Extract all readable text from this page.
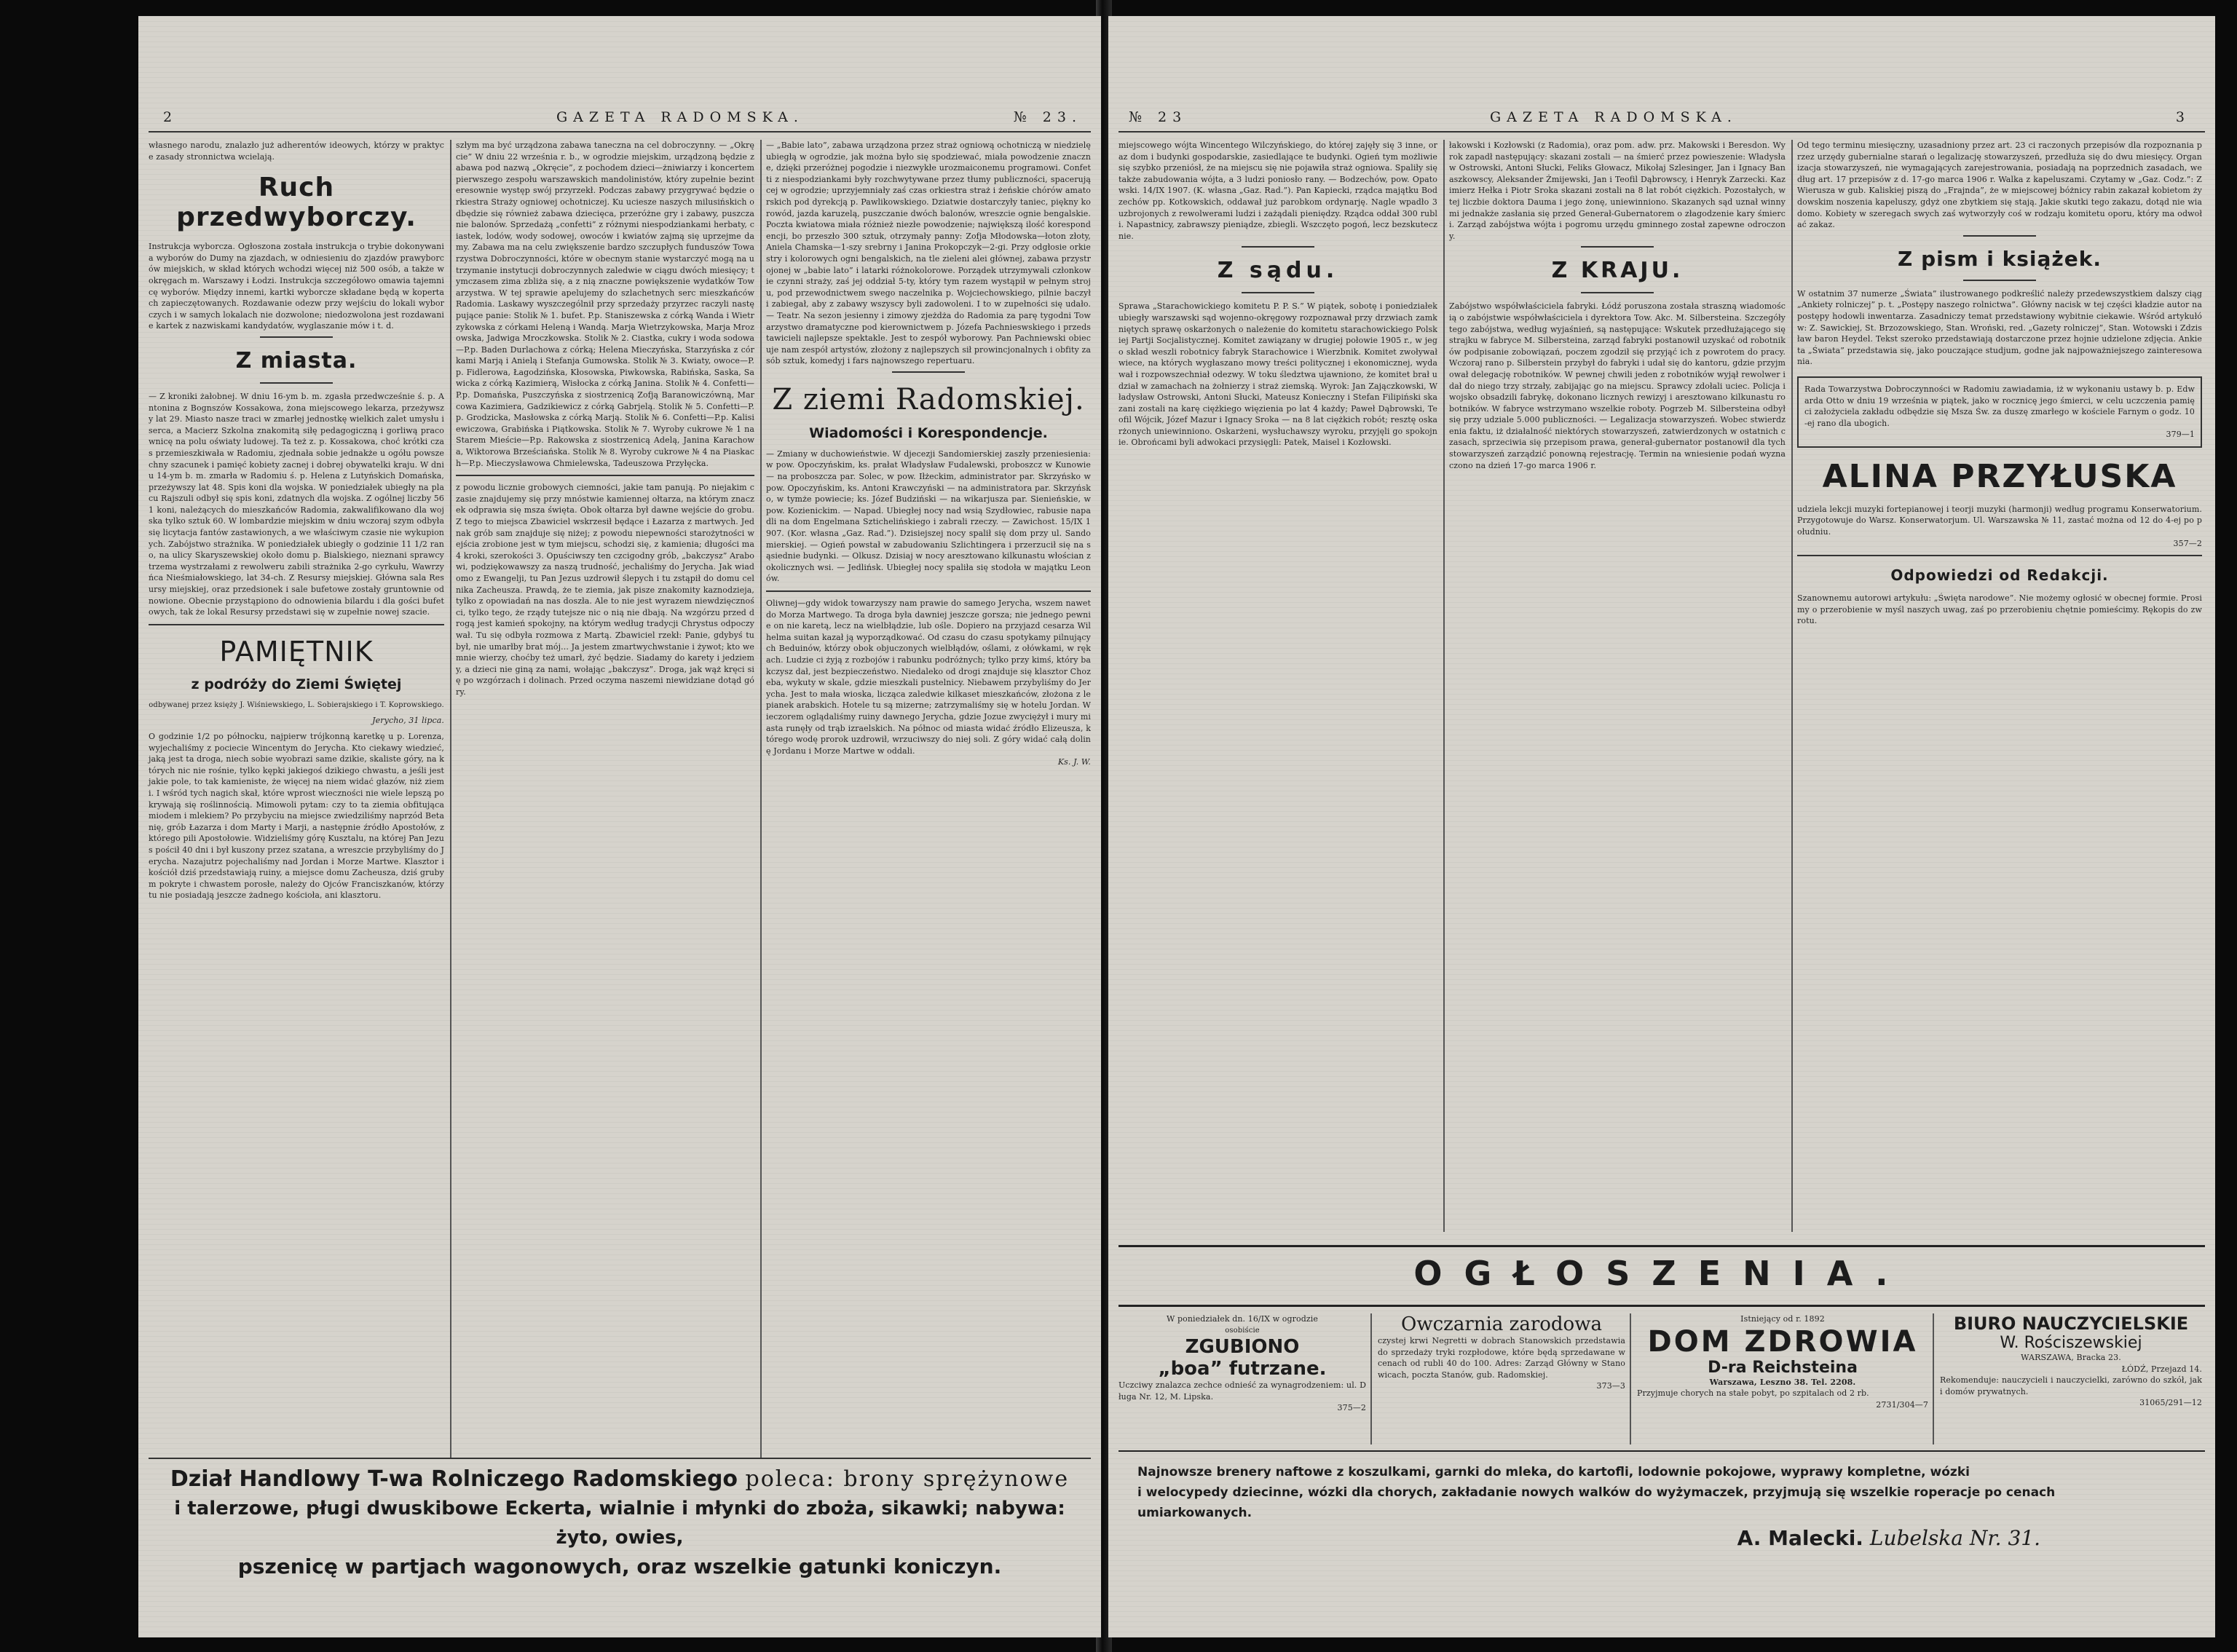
2	GAZETA RADOMSKA.	№ 23.

własnego narodu, znalazło już adherentów ideowych, którzy w praktyce zasady stronnictwa wcielają.

Ruch przedwyborczy.

Instrukcja wyborcza. Ogłoszona została instrukcja o trybie dokonywania wyborów do Dumy na zjazdach, w odniesieniu do zjazdów prawyborców miejskich, w skład których wchodzi więcej niż 500 osób, a także w okręgach m. Warszawy i Łodzi. Instrukcja szczegółowo omawia tajemnicę wyborów. Między innemi, kartki wyborcze składane będą w kopertach zapieczętowanych. Rozdawanie odezw przy wejściu do lokali wyborczych i w samych lokalach nie dozwolone; niedozwolona jest rozdawanie kartek z nazwiskami kandydatów, wyglaszanie mów i t. d.

Z miasta.

— Z kroniki żałobnej. W dniu 16-ym b. m. zgasła przedwcześnie ś. p. Antonina z Bognszów Kossakowa, żona miejscowego lekarza, przeżywszy lat 29. Miasto nasze traci w zmarłej jednostkę wielkich zalet umysłu i serca, a Macierz Szkolna znakomitą siłę pedagogiczną i gorliwą pracownicę na polu oświaty ludowej. Ta też z. p. Kossakowa, choć krótki czas przemieszkiwała w Radomiu, zjednała sobie jednakże u ogółu powszechny szacunek i pamięć kobiety zacnej i dobrej obywatelki kraju. W dniu 14-ym b. m. zmarła w Radomiu ś. p. Helena z Lutyńskich Domańska, przeżywszy lat 48. Spis koni dla wojska. W poniedziałek ubiegły na placu Rajszuli odbył się spis koni, zdatnych dla wojska. Z ogólnej liczby 561 koni, należących do mieszkańców Radomia, zakwalifikowano dla wojska tylko sztuk 60. W lombardzie miejskim w dniu wczoraj szym odbyła się licytacja fantów zastawionych, a we właściwym czasie nie wykupionych. Zabójstwo strażnika. W poniedziałek ubiegły o godzinie 11 1/2 rano, na ulicy Skaryszewskiej około domu p. Bialskiego, nieznani sprawcy trzema wystrzałami z rewolweru zabili strażnika 2-go cyrkułu, Wawrzyńca Nieśmiałowskiego, lat 34-ch. Z Resursy miejskiej. Główna sala Resursy miejskiej, oraz przedsionek i sale bufetowe zostały gruntownie odnowione. Obecnie przystąpiono do odnowienia bilardu i dla gości bufetowych, tak że lokal Resursy przedstawi się w zupełnie nowej szacie.

PAMIĘTNIK
z podróży do Ziemi Świętej
odbywanej przez księży J. Wiśniewskiego, L. Sobierajskiego i T. Koprowskiego.
Jerycho, 31 lipca.

O godzinie 1/2 po północku, najpierw trójkonną karetkę u p. Lorenza, wyjechaliśmy z pociecie Wincentym do Jerycha. Kto ciekawy wiedzieć, jaką jest ta droga, niech sobie wyobrazi same dzikie, skaliste góry, na których nic nie rośnie, tylko kępki jakiegoś dzikiego chwastu, a jeśli jest jakie pole, to tak kamieniste, że więcej na niem widać głazów, niż ziemi. I wśród tych nagich skał, które wprost wieczności nie wiele lepszą pokrywają się roślinnością. Mimowoli pytam: czy to ta ziemia obfitująca miodem i mlekiem? Po przybyciu na miejsce zwiedziliśmy naprzód Betanię, grób Łazarza i dom Marty i Marji, a następnie źródło Apostołów, z którego pili Apostołowie. Widzieliśmy górę Kusztalu, na której Pan Jezus pościł 40 dni i był kuszony przez szatana, a wreszcie przybyliśmy do Jerycha. Nazajutrz pojechaliśmy nad Jordan i Morze Martwe. Klasztor i kościół dziś przedstawiają ruiny, a miejsce domu Zacheusza, dziś grubym pokryte i chwastem porosłe, należy do Ojców Franciszkanów, którzy tu nie posiadają jeszcze żadnego kościoła, ani klasztoru.

szłym ma być urządzona zabawa taneczna na cel dobroczynny. — „Okręcie” W dniu 22 września r. b., w ogrodzie miejskim, urządzoną będzie zabawa pod nazwą „Okręcie”, z pochodem dzieci—żniwiarzy i koncertem pierwszego zespołu warszawskich mandolinistów, który zupełnie bezinteresownie występ swój przyrzekł. Podczas zabawy przygrywać będzie orkiestra Straży ogniowej ochotniczej. Ku uciesze naszych milusińskich odbędzie się również zabawa dziecięca, przeróżne gry i zabawy, puszczanie balonów. Sprzedażą „confetti” z różnymi niespodziankami herbaty, ciastek, lodów, wody sodowej, owoców i kwiatów zajmą się uprzejme damy. Zabawa ma na celu zwiększenie bardzo szczupłych funduszów Towarzystwa Dobroczynności, które w obecnym stanie wystarczyć mogą na utrzymanie instytucji dobroczynnych zaledwie w ciągu dwóch miesięcy; tymczasem zima zbliża się, a z nią znaczne powiększenie wydatków Towarzystwa. W tej sprawie apelujemy do szlachetnych serc mieszkańców Radomia. Laskawy wyszczególnił przy sprzedaży przyrzec raczyli następujące panie: Stolik № 1. bufet. P.p. Staniszewska z córką Wanda i Wietrzykowska z córkami Heleną i Wandą. Marja Wietrzykowska, Marja Mrozowska, Jadwiga Mroczkowska. Stolik № 2. Ciastka, cukry i woda sodowa—P.p. Baden Durlachowa z córką; Helena Mieczyńska, Starzyńska z córkami Marją i Anielą i Stefanja Gumowska. Stolik № 3. Kwiaty, owoce—P.p. Fidlerowa, Łagodzińska, Kłosowska, Piwkowska, Rabińska, Saska, Sawicka z córką Kazimierą, Wisłocka z córką Janina. Stolik № 4. Confetti—P.p. Domańska, Puszczyńska z siostrzenicą Zofją Baranowiczówną, Marcowa Kazimiera, Gadzikiewicz z córką Gabrjelą. Stolik № 5. Confetti—P.p. Grodzicka, Masłowska z córką Marją. Stolik № 6. Confetti—P.p. Kalisiewiczowa, Grabińska i Piątkowska. Stolik № 7. Wyroby cukrowe № 1 na Starem Mieście—P.p. Rakowska z siostrzenicą Adelą, Janina Karachowa, Wiktorowa Brześciańska. Stolik № 8. Wyroby cukrowe № 4 na Piaskach—P.p. Mieczysławowa Chmielewska, Tadeuszowa Przyłęcka.

z powodu licznie grobowych ciemności, jakie tam panują. Po niejakim czasie znajdujemy się przy mnóstwie kamiennej ołtarza, na którym znaczek odprawia się msza święta. Obok ołtarza był dawne wejście do grobu. Z tego to miejsca Zbawiciel wskrzesił będące i Łazarza z martwych. Jednak grób sam znajduje się niżej; z powodu niepewności starożytności wejścia zrobione jest w tym miejscu, schodzi się, z kamienia; długości ma 4 kroki, szerokości 3. Opuściwszy ten czcigodny grób, „bakczysz” Arabowi, podziękowawszy za naszą trudność, jechaliśmy do Jerycha. Jak wiadomo z Ewangelji, tu Pan Jezus uzdrowił ślepych i tu zstąpił do domu celnika Zacheusza. Prawdą, że te ziemia, jak pisze znakomity kaznodzieja, tylko z opowiadań na nas doszła. Ale to nie jest wyrazem niewdzięczności, tylko tego, że rządy tutejsze nic o nią nie dbają. Na wzgórzu przed drogą jest kamień spokojny, na którym według tradycji Chrystus odpoczywał. Tu się odbyła rozmowa z Martą. Zbawiciel rzekł: Panie, gdybyś tu był, nie umarłby brat mój... Ja jestem zmartwychwstanie i żywot; kto we mnie wierzy, choćby też umarł, żyć będzie. Siadamy do karety i jedziemy, a dzieci nie giną za nami, wołając „bakczysz”. Droga, jak wąż kręci się po wzgórzach i dolinach. Przed oczyma naszemi niewidziane dotąd góry.

— „Babie lato”, zabawa urządzona przez straż ogniową ochotniczą w niedzielę ubiegłą w ogrodzie, jak można było się spodziewać, miała powodzenie znaczne, dzięki przeróżnej pogodzie i niezwykłe urozmaiconemu programowi. Confetti z niespodziankami były rozchwytywane przez tłumy publiczności, spacerującej w ogrodzie; uprzyjemniały zaś czas orkiestra straż i żeńskie chórów amatorskich pod dyrekcją p. Pawlikowskiego. Dziatwie dostarczyły taniec, piękny korowód, jazda karuzelą, puszczanie dwóch balonów, wreszcie ognie bengalskie. Poczta kwiatowa miała różnież niezłe powodzenie; największą ilość korespondencji, bo przeszło 300 sztuk, otrzymały panny: Zofja Młodowska—łoton złoty, Aniela Chamska—1-szy srebrny i Janina Prokopczyk—2-gi. Przy odgłosie orkiestry i kolorowych ogni bengalskich, na tle zieleni alei głównej, zabawa przystrojonej w „babie lato” i latarki różnokolorowe. Porządek utrzymywali członkowie czynni straży, zaś jej oddział 5-ty, który tym razem wystąpił w pełnym stroju, pod przewodnictwem swego naczelnika p. Wojciechowskiego, pilnie baczył i zabiegał, aby z zabawy wszyscy byli zadowoleni. I to w zupełności się udało. — Teatr. Na sezon jesienny i zimowy zjeżdża do Radomia za parę tygodni Towarzystwo dramatyczne pod kierownictwem p. Józefa Pachnieswskiego i przedstawicieli najlepsze spektakle. Jest to zespół wyborowy. Pan Pachniewski obiecuje nam zespół artystów, złożony z najlepszych sił prowincjonalnych i obfity zasób sztuk, komedyj i fars najnowszego repertuaru.

Z ziemi Radomskiej.
Wiadomości i Korespondencje.

— Zmiany w duchowieństwie. W djecezji Sandomierskiej zaszły przeniesienia: w pow. Opoczyńskim, ks. prałat Władysław Fudalewski, proboszcz w Kunowie — na proboszcza par. Solec, w pow. Iłżeckim, administrator par. Skrzyńsko w pow. Opoczyńskim, ks. Antoni Krawczyński — na administratora par. Skrzyńsko, w tymże powiecie; ks. Józef Budziński — na wikarjusza par. Sienieńskie, w pow. Kozienickim. — Napad. Ubiegłej nocy nad wsią Szydłowiec, rabusie napadli na dom Engelmana Sztichelińskiego i zabrali rzeczy. — Zawichost. 15/IX 1907. (Kor. własna „Gaz. Rad.”). Dzisiejszej nocy spalił się dom przy ul. Sandomierskiej. — Ogień powstał w zabudowaniu Szlichtingera i przerzucił się na sąsiednie budynki. — Olkusz. Dzisiaj w nocy aresztowano kilkunastu włościan z okolicznych wsi. — Jedlińsk. Ubiegłej nocy spaliła się stodoła w majątku Leonów.

Oliwnej—gdy widok towarzyszy nam prawie do samego Jerycha, wszem nawet do Morza Martwego. Ta droga była dawniej jeszcze gorsza; nie jednego pewnie on nie karetą, lecz na wielbłądzie, lub ośle. Dopiero na przyjazd cesarza Wilhelma suitan kazał ją wyporządkować. Od czasu do czasu spotykamy pilnujących Beduinów, którzy obok objuczonych wielbłądów, oślami, z ołówkami, w rękach. Ludzie ci żyją z rozbojów i rabunku podróżnych; tylko przy kimś, który bakczysz dał, jest bezpieczeństwo. Niedaleko od drogi znajduje się klasztor Chozeba, wykuty w skale, gdzie mieszkali pustelnicy. Niebawem przybyliśmy do Jerycha. Jest to mała wioska, licząca zaledwie kilkaset mieszkańców, złożona z lepianek arabskich. Hotele tu są mizerne; zatrzymaliśmy się w hotelu Jordan. Wieczorem oglądaliśmy ruiny dawnego Jerycha, gdzie Jozue zwyciężył i mury miasta runęły od trąb izraelskich. Na północ od miasta widać źródło Elizeusza, którego wodę prorok uzdrowił, wrzuciwszy do niej soli. Z góry widać całą dolinę Jordanu i Morze Martwe w oddali.

Ks. J. W.
Dział Handlowy T-wa Rolniczego Radomskiego poleca: brony sprężynowe
i talerzowe, pługi dwuskibowe Eckerta, wialnie i młynki do zboża, sikawki; nabywa: żyto, owies,
pszenicę w partjach wagonowych, oraz wszelkie gatunki koniczyn.
№ 23	GAZETA RADOMSKA.	3

miejscowego wójta Wincentego Wilczyńskiego, do której zajęły się 3 inne, oraz dom i budynki gospodarskie, zasiedlające te budynki. Ogień tym możliwie się szybko przeniósł, że na miejscu się nie pojawiła straż ogniowa. Spaliły się także zabudowania wójta, a 3 ludzi poniosło rany. — Bodzechów, pow. Opatowski. 14/IX 1907. (K. własna „Gaz. Rad.”). Pan Kapiecki, rządca majątku Bodzechów pp. Kotkowskich, oddawał już parobkom ordynarję. Nagle wpadło 3 uzbrojonych z rewolwerami ludzi i zażądali pieniędzy. Rządca oddał 300 rubli. Napastnicy, zabrawszy pieniądze, zbiegli. Wszczęto pogoń, lecz bezskutecznie.

Z sądu.

Sprawa „Starachowickiego komitetu P. P. S.” W piątek, sobotę i poniedziałek ubiegły warszawski sąd wojenno-okręgowy rozpoznawał przy drzwiach zamkniętych sprawę oskarżonych o należenie do komitetu starachowickiego Polskiej Partji Socjalistycznej. Komitet zawiązany w drugiej połowie 1905 r., w jego skład weszli robotnicy fabryk Starachowice i Wierzbnik. Komitet zwoływał wiece, na których wygłaszano mowy treści politycznej i ekonomicznej, wydawał i rozpowszechniał odezwy. W toku śledztwa ujawniono, że komitet brał udział w zamachach na żołnierzy i straż ziemską. Wyrok: Jan Zajączkowski, Władysław Ostrowski, Antoni Słucki, Mateusz Konieczny i Stefan Filipiński skazani zostali na karę ciężkiego więzienia po lat 4 każdy; Paweł Dąbrowski, Teofil Wójcik, Józef Mazur i Ignacy Sroka — na 8 lat ciężkich robót; resztę oskarżonych uniewinniono. Oskarżeni, wysłuchawszy wyroku, przyjęli go spokojnie. Obrońcami byli adwokaci przysięgli: Patek, Maisel i Kozłowski.

łakowski i Kozłowski (z Radomia), oraz pom. adw. prz. Makowski i Beresdon. Wyrok zapadł następujący: skazani zostali — na śmierć przez powieszenie: Władysław Ostrowski, Antoni Słucki, Feliks Głowacz, Mikołaj Szlesinger, Jan i Ignacy Banaszkowscy, Aleksander Żmijewski, Jan i Teofil Dąbrowscy, i Henryk Zarzecki. Kazimierz Hełka i Piotr Sroka skazani zostali na 8 lat robót ciężkich. Pozostałych, w tej liczbie doktora Dauma i jego żonę, uniewinniono. Skazanych sąd uznał winnymi jednakże zasłania się przed Generał-Gubernatorem o złagodzenie kary śmierci. Zarząd zabójstwa wójta i pogromu urzędu gminnego został zapewne odroczony.

Z KRAJU.

Zabójstwo współwłaściciela fabryki. Łódź poruszona została straszną wiadomością o zabójstwie współwłaściciela i dyrektora Tow. Akc. M. Silbersteina. Szczegóły tego zabójstwa, według wyjaśnień, są następujące: Wskutek przedłużającego się strajku w fabryce M. Silbersteina, zarząd fabryki postanowił uzyskać od robotników podpisanie zobowiązań, poczem zgodził się przyjąć ich z powrotem do pracy. Wczoraj rano p. Silberstein przybył do fabryki i udał się do kantoru, gdzie przyjmował delegację robotników. W pewnej chwili jeden z robotników wyjął rewolwer i dał do niego trzy strzały, zabijając go na miejscu. Sprawcy zdołali uciec. Policja i wojsko obsadzili fabrykę, dokonano licznych rewizyj i aresztowano kilkunastu robotników. W fabryce wstrzymano wszelkie roboty. Pogrzeb M. Silbersteina odbył się przy udziale 5.000 publiczności. — Legalizacja stowarzyszeń. Wobec stwierdzenia faktu, iż działalność niektórych stowarzyszeń, zatwierdzonych w ostatnich czasach, sprzeciwia się przepisom prawa, generał-gubernator postanowił dla tych stowarzyszeń zarządzić ponowną rejestrację. Termin na wniesienie podań wyznaczono na dzień 17-go marca 1906 r.

Od tego terminu miesięczny, uzasadniony przez art. 23 ci raczonych przepisów dla rozpoznania przez urzędy gubernialne starań o legalizację stowarzyszeń, przedłuża się do dwu miesięcy. Organizacja stowarzyszeń, nie wymagających zarejestrowania, posiadają na poprzednich zasadach, według art. 17 przepisów z d. 17-go marca 1906 r. Walka z kapeluszami. Czytamy w „Gaz. Codz.”: Z Wierusza w gub. Kaliskiej piszą do „Frajnda”, że w miejscowej bóżnicy rabin zakazał kobietom żydowskim noszenia kapeluszy, gdyż one zbytkiem się stają. Jakie skutki tego zakazu, dotąd nie wiadomo. Kobiety w szeregach swych zaś wytworzyły coś w rodzaju komitetu oporu, który ma odwołać zakaz.

Z pism i książek.

W ostatnim 37 numerze „Świata” ilustrowanego podkreślić należy przedewszystkiem dalszy ciąg „Ankiety rolniczej” p. t. „Postępy naszego rolnictwa”. Główny nacisk w tej części kładzie autor na postępy hodowli inwentarza. Zasadniczy temat przedstawiony wybitnie ciekawie. Wśród artykułów: Z. Sawickiej, St. Brzozowskiego, Stan. Wroński, red. „Gazety rolniczej”, Stan. Wotowski i Zdzisław baron Heydel. Tekst szeroko przedstawiają dostarczone przez hojnie udzielone zdjęcia. Ankieta „Świata” przedstawia się, jako pouczające studjum, godne jak najpoważniejszego zainteresowania.

Rada Towarzystwa Dobroczynności w Radomiu zawiadamia, iż w wykonaniu ustawy b. p. Edwarda Otto w dniu 19 września w piątek, jako w rocznicę jego śmierci, w celu uczczenia pamięci założyciela zakładu odbędzie się Msza Św. za duszę zmarłego w kościele Farnym o godz. 10-ej rano dla ubogich.

379—1
ALINA PRZYŁUSKA

udziela lekcji muzyki fortepianowej i teorji muzyki (harmonji) według programu Konserwatorium. Przygotowuje do Warsz. Konserwatorjum. Ul. Warszawska № 11, zastać można od 12 do 4-ej po południu.

357—2
Odpowiedzi od Redakcji.

Szanownemu autorowi artykułu: „Święta narodowe”. Nie możemy ogłosić w obecnej formie. Prosimy o przerobienie w myśl naszych uwag, zaś po przerobieniu chętnie pomieścimy. Rękopis do zwrotu.

OGŁOSZENIA.
W poniedziałek dn. 16/IX w ogrodzie
osobiście
ZGUBIONO
„boa” futrzane.

Uczciwy znalazca zechce odnieść za wynagrodzeniem: ul. Długa Nr. 12, M. Lipska.

375—2
Owczarnia zarodowa

czystej krwi Negretti w dobrach Stanowskich przedstawia do sprzedaży tryki rozpłodowe, które będą sprzedawane w cenach od rubli 40 do 100. Adres: Zarząd Główny w Stanowicach, poczta Stanów, gub. Radomskiej.

373—3
Istniejący od r. 1892
DOM ZDROWIA
D-ra Reichsteina
Warszawa, Leszno 38. Tel. 2208.

Przyjmuje chorych na stałe pobyt, po szpitalach od 2 rb.

2731/304—7
BIURO NAUCZYCIELSKIE
W. Rościszewskiej
WARSZAWA, Bracka 23.
ŁÓDŹ, Przejazd 14.

Rekomenduje: nauczycieli i nauczycielki, zarówno do szkół, jak i domów prywatnych.

31065/291—12
Najnowsze brenery naftowe z koszulkami, garnki do mleka, do kartofli, lodownie pokojowe, wyprawy kompletne, wózki
i welocypedy dziecinne, wózki dla chorych, zakładanie nowych walków do wyżymaczek, przyjmują się wszelkie roperacje po cenach
umiarkowanych.
A. Malecki. Lubelska Nr. 31.
